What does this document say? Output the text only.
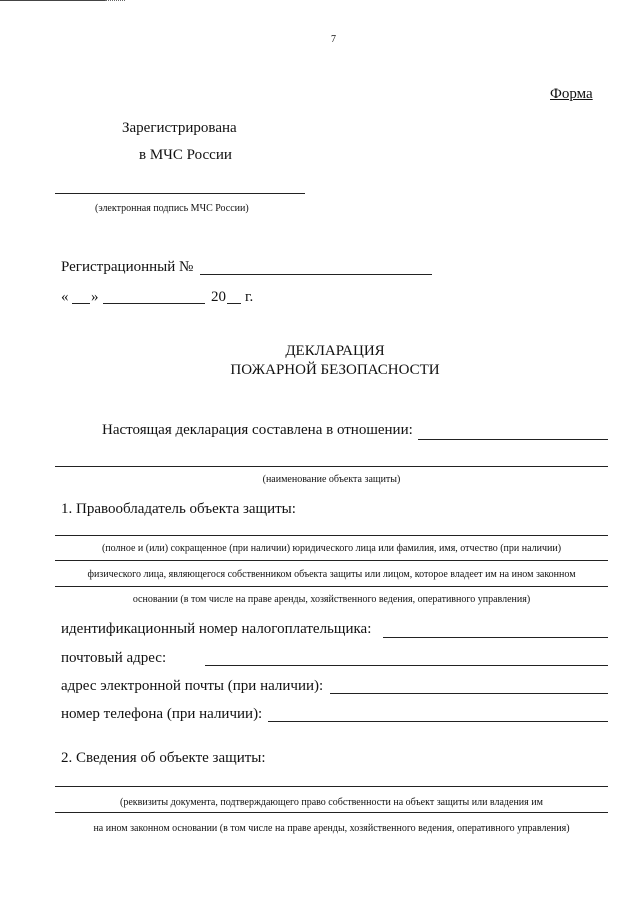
7
Форма
Зарегистрирована
в МЧС России
(электронная подпись МЧС России)
Регистрационный №
« »	20 г.
ДЕКЛАРАЦИЯ
ПОЖАРНОЙ БЕЗОПАСНОСТИ
Настоящая декларация составлена в отношении:
(наименование объекта защиты)
1. Правообладатель объекта защиты:
(полное и (или) сокращенное (при наличии) юридического лица или фамилия, имя, отчество (при наличии)
физического лица, являющегося собственником объекта защиты или лицом, которое владеет им на ином законном
основании (в том числе на праве аренды, хозяйственного ведения, оперативного управления)
идентификационный номер налогоплательщика:
почтовый адрес:
адрес электронной почты (при наличии):
номер телефона (при наличии):
2. Сведения об объекте защиты:
(реквизиты документа, подтверждающего право собственности на объект защиты или владения им
на ином законном основании (в том числе на праве аренды, хозяйственного ведения, оперативного управления)
